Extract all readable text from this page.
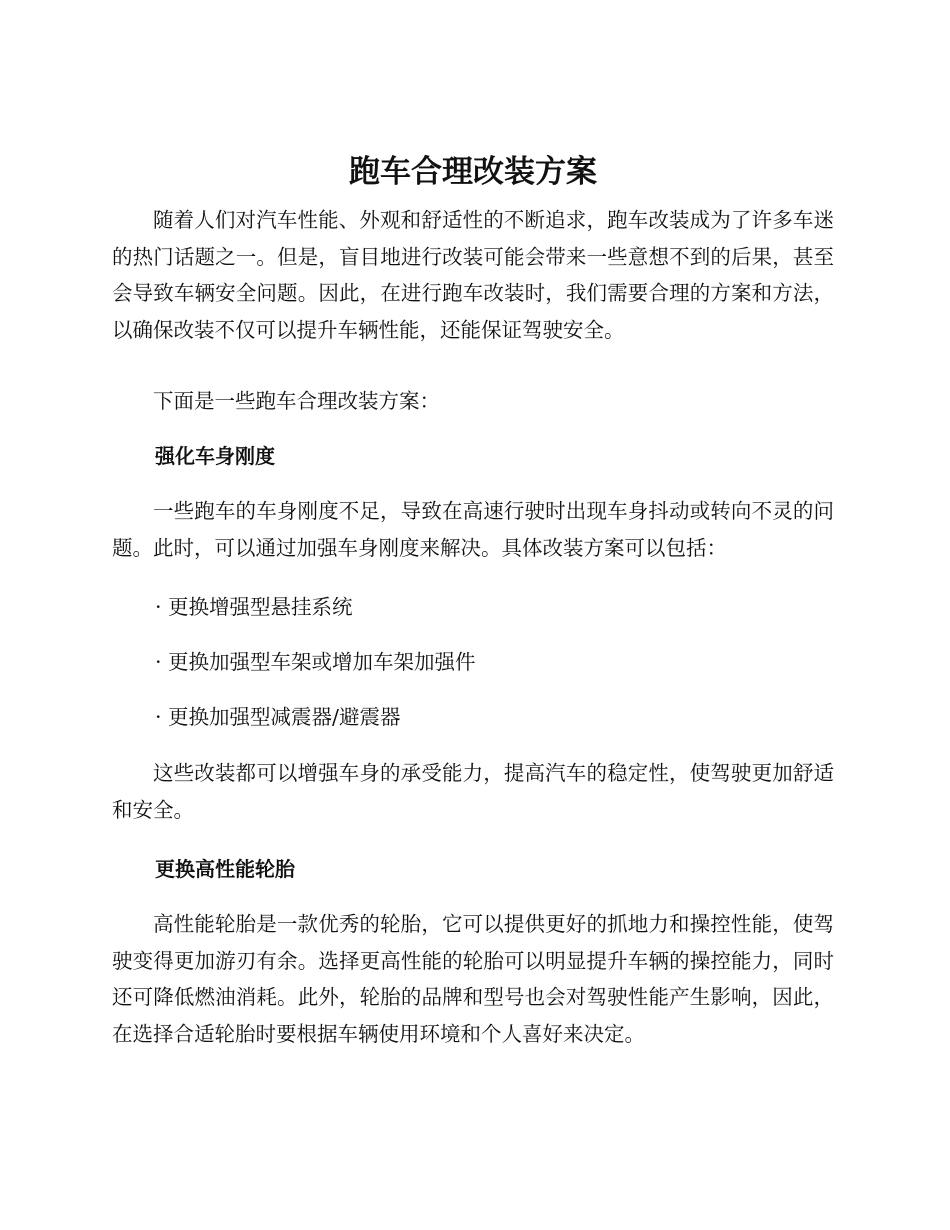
跑车合理改装方案

随着人们对汽车性能、外观和舒适性的不断追求，跑车改装成为了许多车迷的热门话题之一。但是，盲目地进行改装可能会带来一些意想不到的后果，甚至会导致车辆安全问题。因此，在进行跑车改装时，我们需要合理的方案和方法，以确保改装不仅可以提升车辆性能，还能保证驾驶安全。

下面是一些跑车合理改装方案：

强化车身刚度

一些跑车的车身刚度不足，导致在高速行驶时出现车身抖动或转向不灵的问题。此时，可以通过加强车身刚度来解决。具体改装方案可以包括：

· 更换增强型悬挂系统
· 更换加强型车架或增加车架加强件
· 更换加强型减震器/避震器

这些改装都可以增强车身的承受能力，提高汽车的稳定性，使驾驶更加舒适和安全。

更换高性能轮胎

高性能轮胎是一款优秀的轮胎，它可以提供更好的抓地力和操控性能，使驾驶变得更加游刃有余。选择更高性能的轮胎可以明显提升车辆的操控能力，同时还可降低燃油消耗。此外，轮胎的品牌和型号也会对驾驶性能产生影响，因此，在选择合适轮胎时要根据车辆使用环境和个人喜好来决定。
